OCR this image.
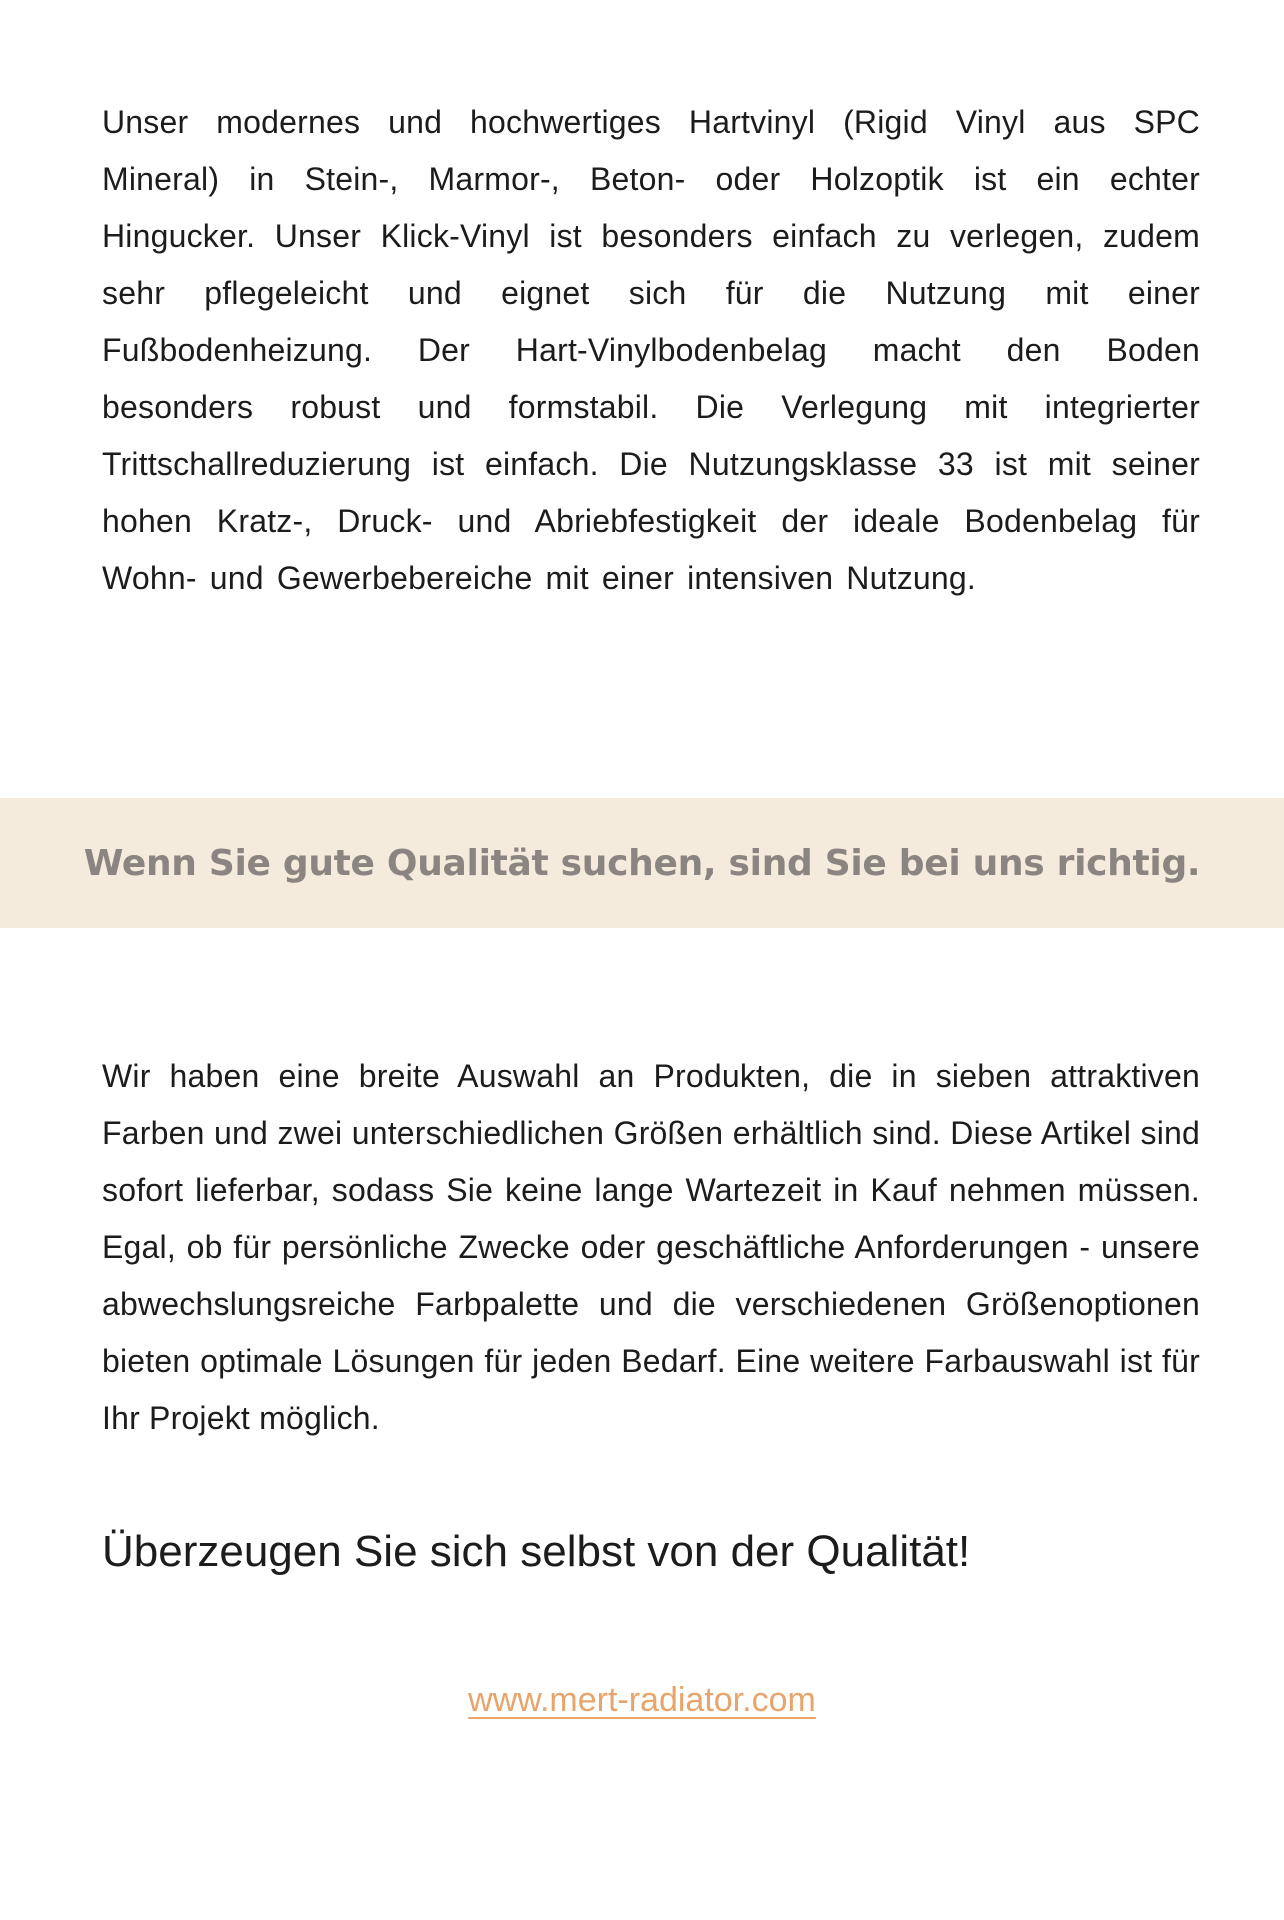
Unser modernes und hochwertiges Hartvinyl (Rigid Vinyl aus SPC Mineral) in Stein-, Marmor-, Beton- oder Holzoptik ist ein echter Hingucker. Unser Klick-Vinyl ist besonders einfach zu verlegen, zudem sehr pflegeleicht und eignet sich für die Nutzung mit einer Fußbodenheizung. Der Hart-Vinylbodenbelag macht den Boden besonders robust und formstabil. Die Verlegung mit integrierter Trittschallreduzierung ist einfach. Die Nutzungsklasse 33 ist mit seiner hohen Kratz-, Druck- und Abriebfestigkeit der ideale Bodenbelag für Wohn- und Gewerbebereiche mit einer intensiven Nutzung.

Wenn Sie gute Qualität suchen, sind Sie bei uns richtig.

Wir haben eine breite Auswahl an Produkten, die in sieben attraktiven Farben und zwei unterschiedlichen Größen erhältlich sind. Diese Artikel sind sofort lieferbar, sodass Sie keine lange Wartezeit in Kauf nehmen müssen. Egal, ob für persönliche Zwecke oder geschäftliche Anforderungen - unsere abwechslungsreiche Farbpalette und die verschiedenen Größenoptionen bieten optimale Lösungen für jeden Bedarf. Eine weitere Farbauswahl ist für Ihr Projekt möglich.

Überzeugen Sie sich selbst von der Qualität!
www.mert-radiator.com
